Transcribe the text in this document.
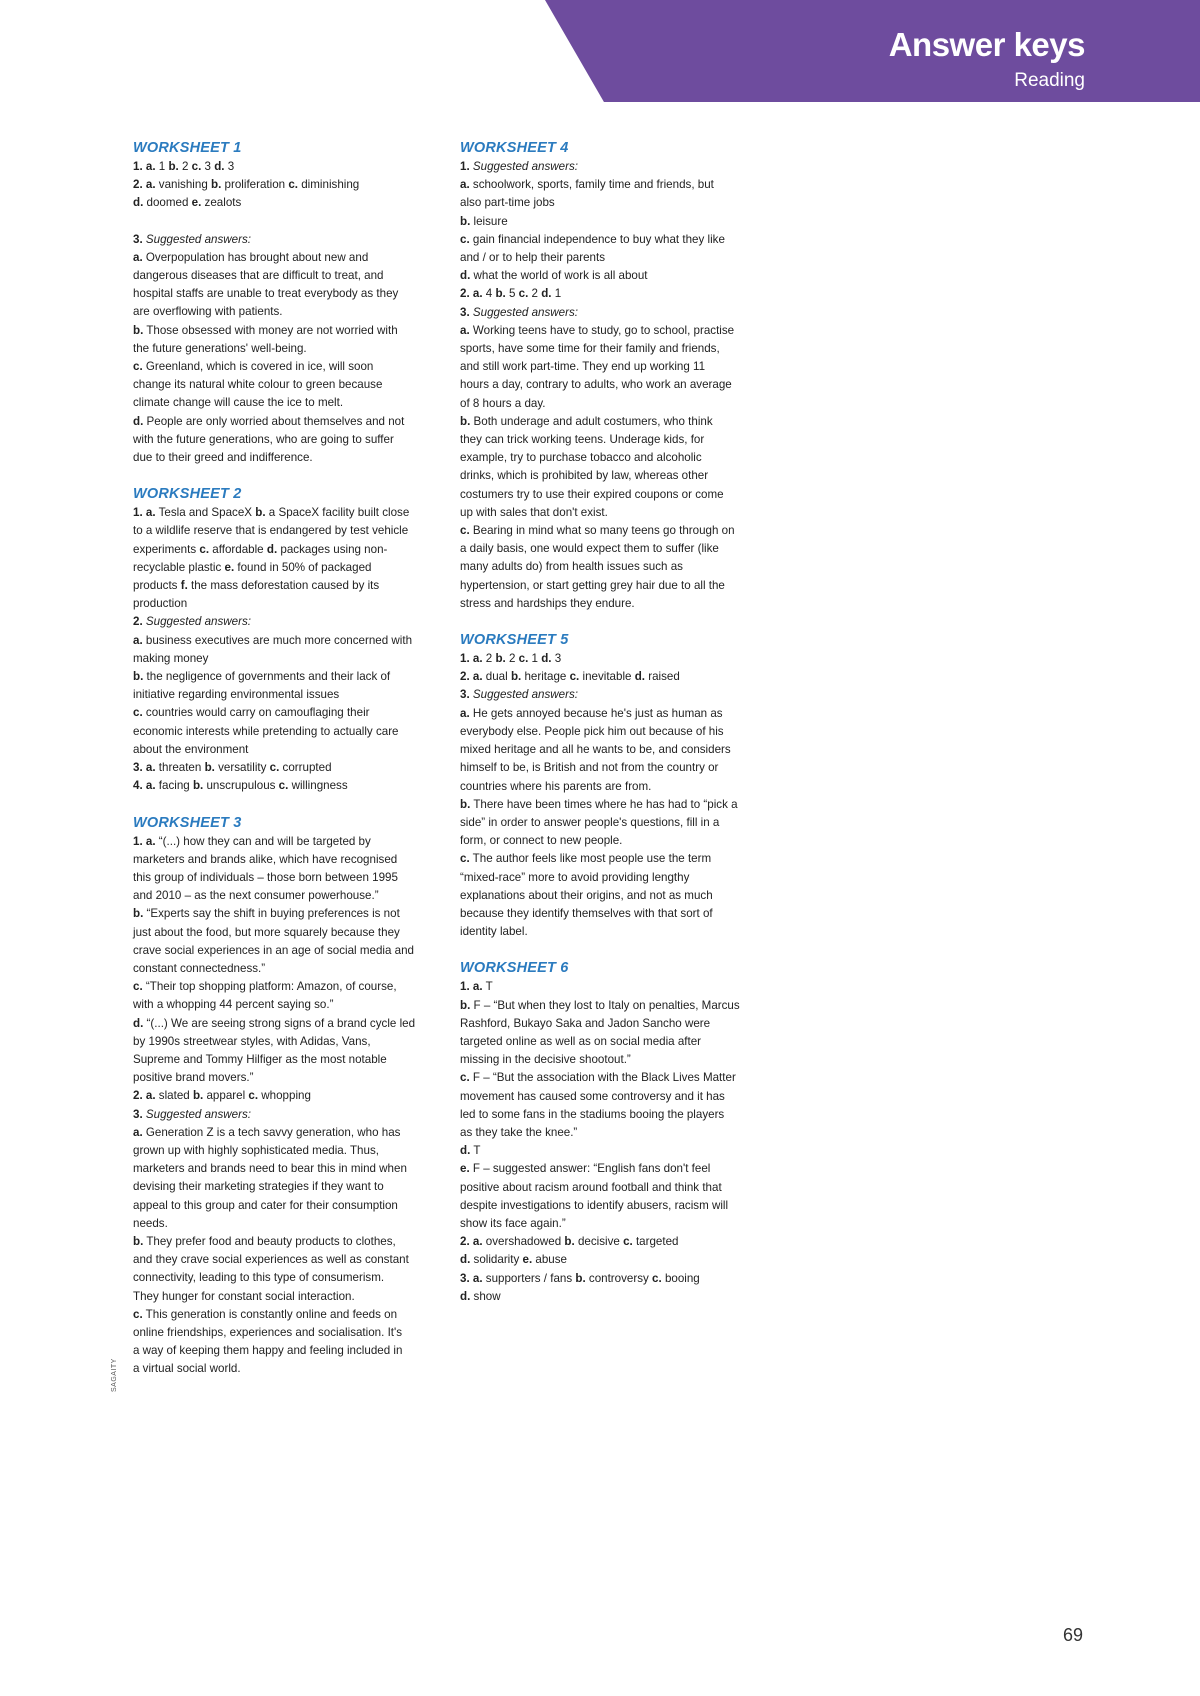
Answer keys
Reading
WORKSHEET 1
1. a. 1 b. 2 c. 3 d. 3
2. a. vanishing b. proliferation c. diminishing
d. doomed e. zealots
3. Suggested answers:
a. Overpopulation has brought about new and
dangerous diseases that are difficult to treat, and
hospital staffs are unable to treat everybody as they
are overflowing with patients.
b. Those obsessed with money are not worried with
the future generations' well-being.
c. Greenland, which is covered in ice, will soon
change its natural white colour to green because
climate change will cause the ice to melt.
d. People are only worried about themselves and not
with the future generations, who are going to suffer
due to their greed and indifference.
WORKSHEET 2
1. a. Tesla and SpaceX b. a SpaceX facility built close
to a wildlife reserve that is endangered by test vehicle
experiments c. affordable d. packages using non-
recyclable plastic e. found in 50% of packaged
products f. the mass deforestation caused by its
production
2. Suggested answers:
a. business executives are much more concerned with
making money
b. the negligence of governments and their lack of
initiative regarding environmental issues
c. countries would carry on camouflaging their
economic interests while pretending to actually care
about the environment
3. a. threaten b. versatility c. corrupted
4. a. facing b. unscrupulous c. willingness
WORKSHEET 3
1. a. “(...) how they can and will be targeted by
marketers and brands alike, which have recognised
this group of individuals – those born between 1995
and 2010 – as the next consumer powerhouse.”
b. “Experts say the shift in buying preferences is not
just about the food, but more squarely because they
crave social experiences in an age of social media and
constant connectedness.”
c. “Their top shopping platform: Amazon, of course,
with a whopping 44 percent saying so.”
d. “(...) We are seeing strong signs of a brand cycle led
by 1990s streetwear styles, with Adidas, Vans,
Supreme and Tommy Hilfiger as the most notable
positive brand movers.”
2. a. slated b. apparel c. whopping
3. Suggested answers:
a. Generation Z is a tech savvy generation, who has
grown up with highly sophisticated media. Thus,
marketers and brands need to bear this in mind when
devising their marketing strategies if they want to
appeal to this group and cater for their consumption
needs.
b. They prefer food and beauty products to clothes,
and they crave social experiences as well as constant
connectivity, leading to this type of consumerism.
They hunger for constant social interaction.
c. This generation is constantly online and feeds on
online friendships, experiences and socialisation. It's
a way of keeping them happy and feeling included in
a virtual social world.
WORKSHEET 4
1. Suggested answers:
a. schoolwork, sports, family time and friends, but
also part-time jobs
b. leisure
c. gain financial independence to buy what they like
and / or to help their parents
d. what the world of work is all about
2. a. 4 b. 5 c. 2 d. 1
3. Suggested answers:
a. Working teens have to study, go to school, practise
sports, have some time for their family and friends,
and still work part-time. They end up working 11
hours a day, contrary to adults, who work an average
of 8 hours a day.
b. Both underage and adult costumers, who think
they can trick working teens. Underage kids, for
example, try to purchase tobacco and alcoholic
drinks, which is prohibited by law, whereas other
costumers try to use their expired coupons or come
up with sales that don't exist.
c. Bearing in mind what so many teens go through on
a daily basis, one would expect them to suffer (like
many adults do) from health issues such as
hypertension, or start getting grey hair due to all the
stress and hardships they endure.
WORKSHEET 5
1. a. 2 b. 2 c. 1 d. 3
2. a. dual b. heritage c. inevitable d. raised
3. Suggested answers:
a. He gets annoyed because he's just as human as
everybody else. People pick him out because of his
mixed heritage and all he wants to be, and considers
himself to be, is British and not from the country or
countries where his parents are from.
b. There have been times where he has had to “pick a
side” in order to answer people's questions, fill in a
form, or connect to new people.
c. The author feels like most people use the term
“mixed-race” more to avoid providing lengthy
explanations about their origins, and not as much
because they identify themselves with that sort of
identity label.
WORKSHEET 6
1. a. T
b. F – “But when they lost to Italy on penalties, Marcus
Rashford, Bukayo Saka and Jadon Sancho were
targeted online as well as on social media after
missing in the decisive shootout.”
c. F – “But the association with the Black Lives Matter
movement has caused some controversy and it has
led to some fans in the stadiums booing the players
as they take the knee.”
d. T
e. F – suggested answer: “English fans don't feel
positive about racism around football and think that
despite investigations to identify abusers, racism will
show its face again.”
2. a. overshadowed b. decisive c. targeted
d. solidarity e. abuse
3. a. supporters / fans b. controversy c. booing
d. show
SAGAITY
69
